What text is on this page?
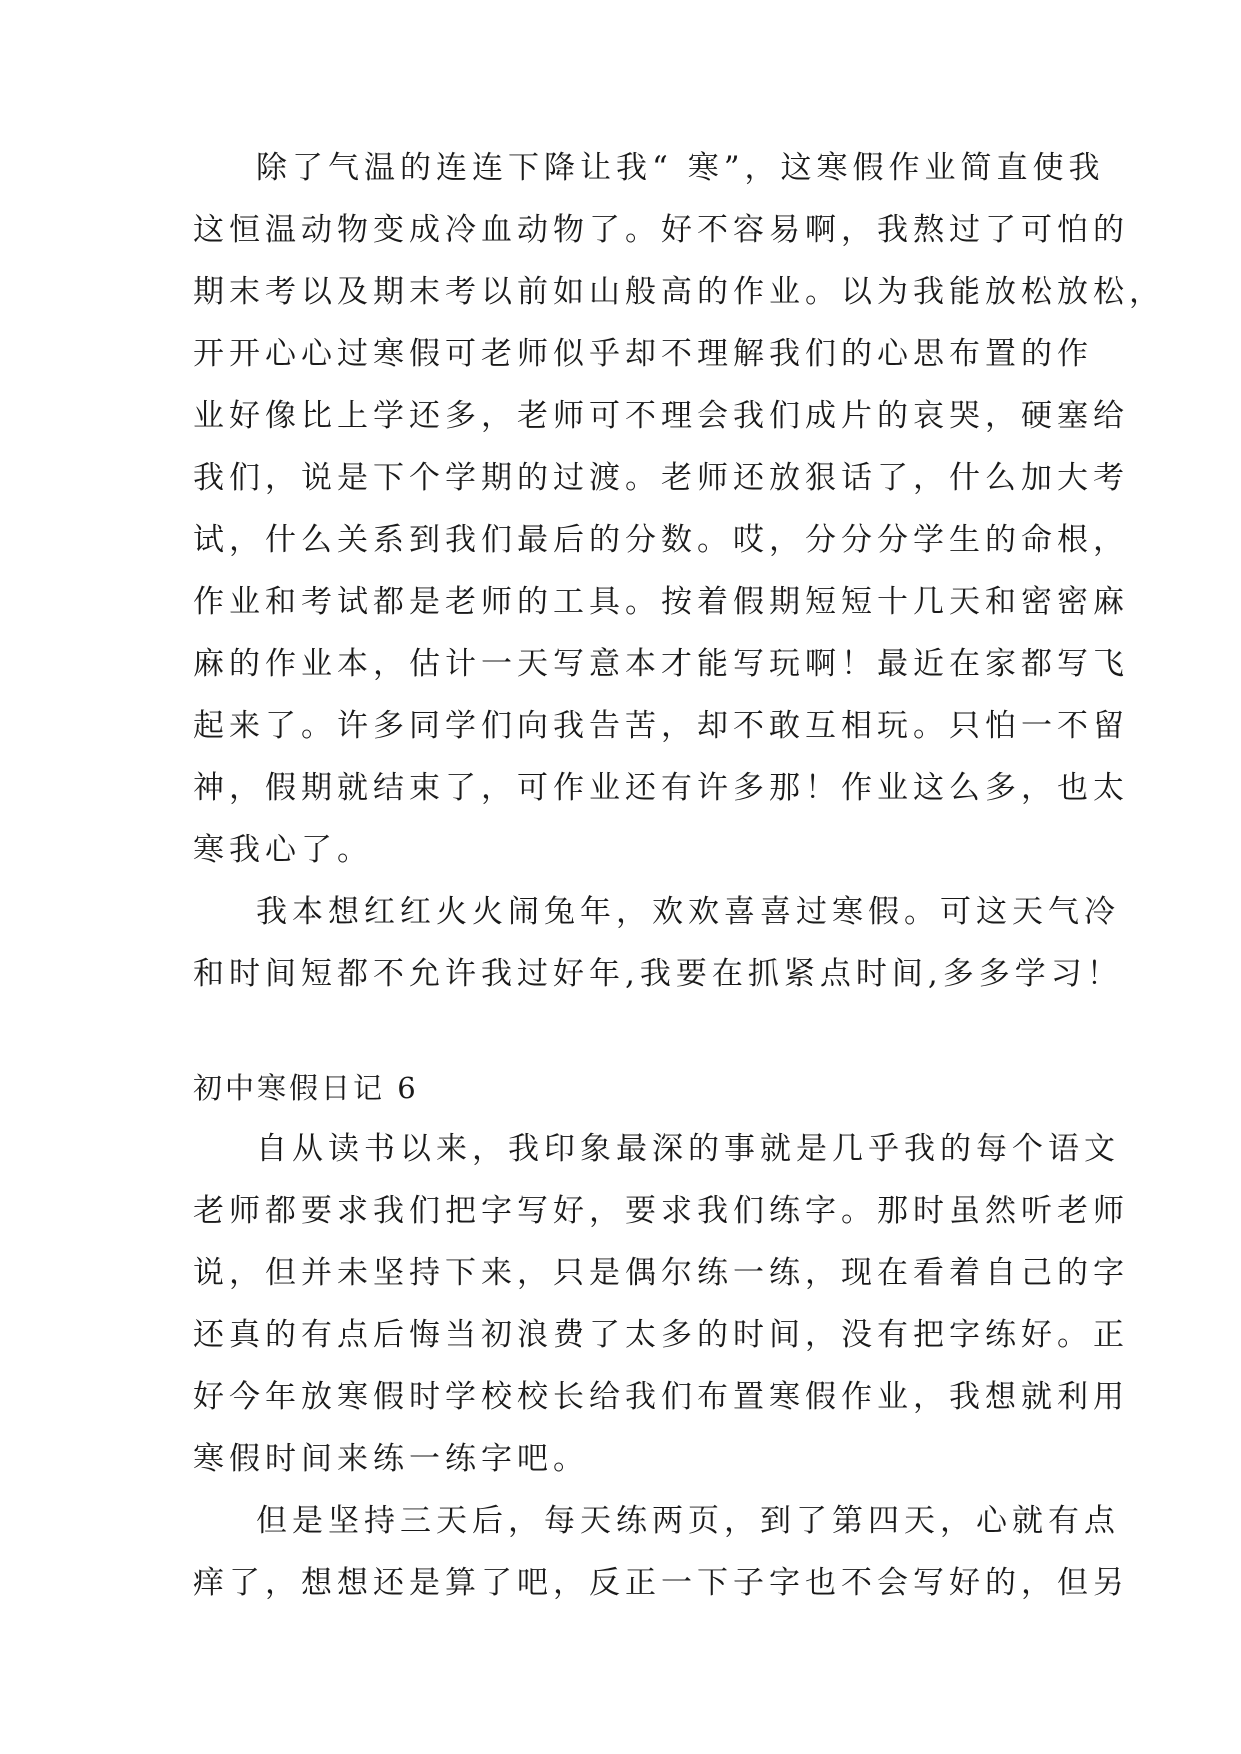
除了气温的连连下降让我“ 寒”，这寒假作业简直使我
这恒温动物变成冷血动物了。好不容易啊，我熬过了可怕的
期末考以及期末考以前如山般高的作业。以为我能放松放松，
开开心心过寒假可老师似乎却不理解我们的心思布置的作
业好像比上学还多，老师可不理会我们成片的哀哭，硬塞给
我们，说是下个学期的过渡。老师还放狠话了，什么加大考
试，什么关系到我们最后的分数。哎，分分分学生的命根，
作业和考试都是老师的工具。按着假期短短十几天和密密麻
麻的作业本，估计一天写意本才能写玩啊！最近在家都写飞
起来了。许多同学们向我告苦，却不敢互相玩。只怕一不留
神，假期就结束了，可作业还有许多那！作业这么多，也太
寒我心了。
我本想红红火火闹兔年，欢欢喜喜过寒假。可这天气冷
和时间短都不允许我过好年,我要在抓紧点时间,多多学习！
初中寒假日记 6
自从读书以来，我印象最深的事就是几乎我的每个语文
老师都要求我们把字写好，要求我们练字。那时虽然听老师
说，但并未坚持下来，只是偶尔练一练，现在看着自己的字
还真的有点后悔当初浪费了太多的时间，没有把字练好。正
好今年放寒假时学校校长给我们布置寒假作业，我想就利用
寒假时间来练一练字吧。
但是坚持三天后，每天练两页，到了第四天，心就有点
痒了，想想还是算了吧，反正一下子字也不会写好的，但另
